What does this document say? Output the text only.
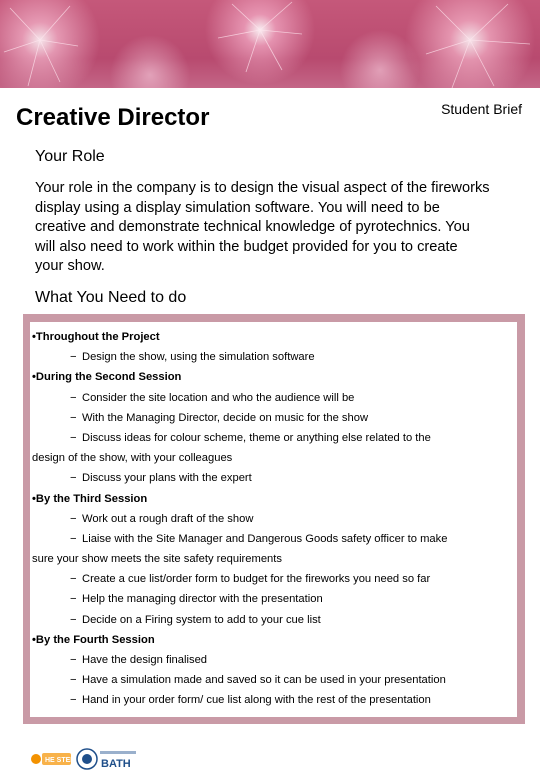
Creative Director	Student Brief
Your Role
Your role in the company is to design the visual aspect of the fireworks display using a display simulation software. You will need to be creative and demonstrate technical knowledge of pyrotechnics. You will also need to work within the budget provided for you to create your show.
What You Need to do
•Throughout the Project
− Design the show, using the simulation software
•During the Second Session
− Consider the site location and who the audience will be
− With the Managing Director, decide on music for the show
− Discuss ideas for colour scheme, theme or anything else related to the design of the show, with your colleagues
− Discuss your plans with the expert
•By the Third Session
− Work out a rough draft of the show
− Liaise with the Site Manager and Dangerous Goods safety officer to make sure your show meets the site safety requirements
− Create a cue list/order form to budget for the fireworks you need so far
− Help the managing director with the presentation
− Decide on a Firing system to add to your cue list
•By the Fourth Session
− Have the design finalised
− Have a simulation made and saved so it can be used in your presentation
− Hand in your order form/ cue list along with the rest of the presentation
HE STEM BATH
